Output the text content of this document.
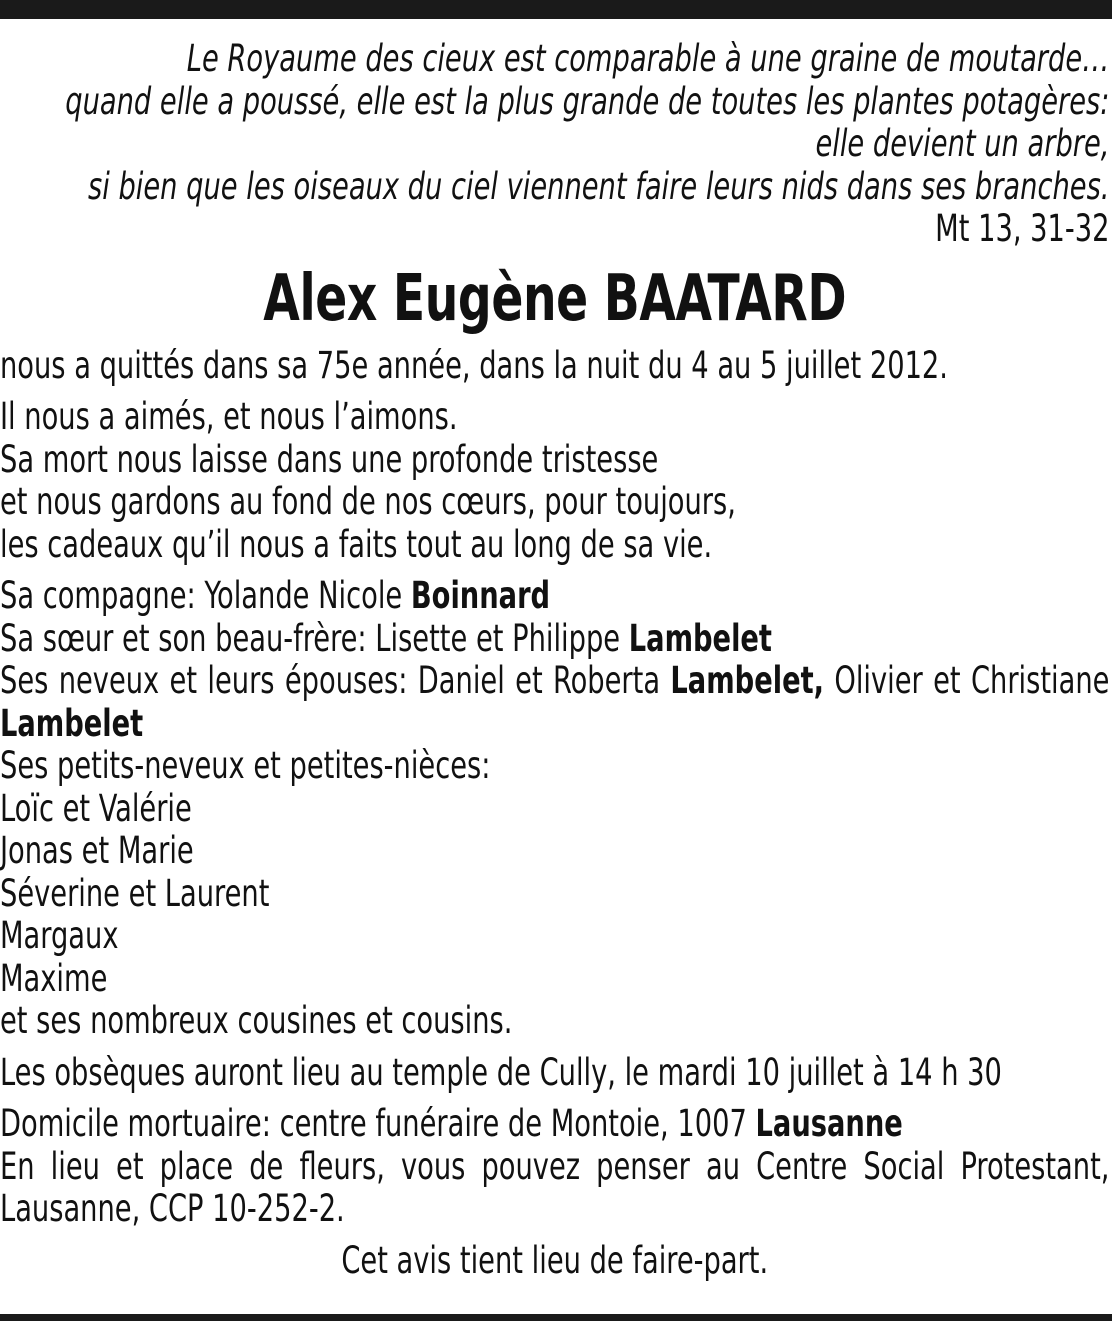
Le Royaume des cieux est comparable à une graine de moutarde…
quand elle a poussé, elle est la plus grande de toutes les plantes potagères:
elle devient un arbre,
si bien que les oiseaux du ciel viennent faire leurs nids dans ses branches.
Mt 13, 31-32
Alex Eugène BAATARD
nous a quittés dans sa 75e année, dans la nuit du 4 au 5 juillet 2012.
Il nous a aimés, et nous l’aimons.
Sa mort nous laisse dans une profonde tristesse
et nous gardons au fond de nos cœurs, pour toujours,
les cadeaux qu’il nous a faits tout au long de sa vie.
Sa compagne: Yolande Nicole Boinnard
Sa sœur et son beau-frère: Lisette et Philippe Lambelet
Ses neveux et leurs épouses: Daniel et Roberta Lambelet, Olivier et Christiane Lambelet
Ses petits-neveux et petites-nièces:
Loïc et Valérie
Jonas et Marie
Séverine et Laurent
Margaux
Maxime
et ses nombreux cousines et cousins.
Les obsèques auront lieu au temple de Cully, le mardi 10 juillet à 14 h 30
Domicile mortuaire: centre funéraire de Montoie, 1007 Lausanne
En lieu et place de fleurs, vous pouvez penser au Centre Social Protestant, Lausanne, CCP 10-252-2.
Cet avis tient lieu de faire-part.
